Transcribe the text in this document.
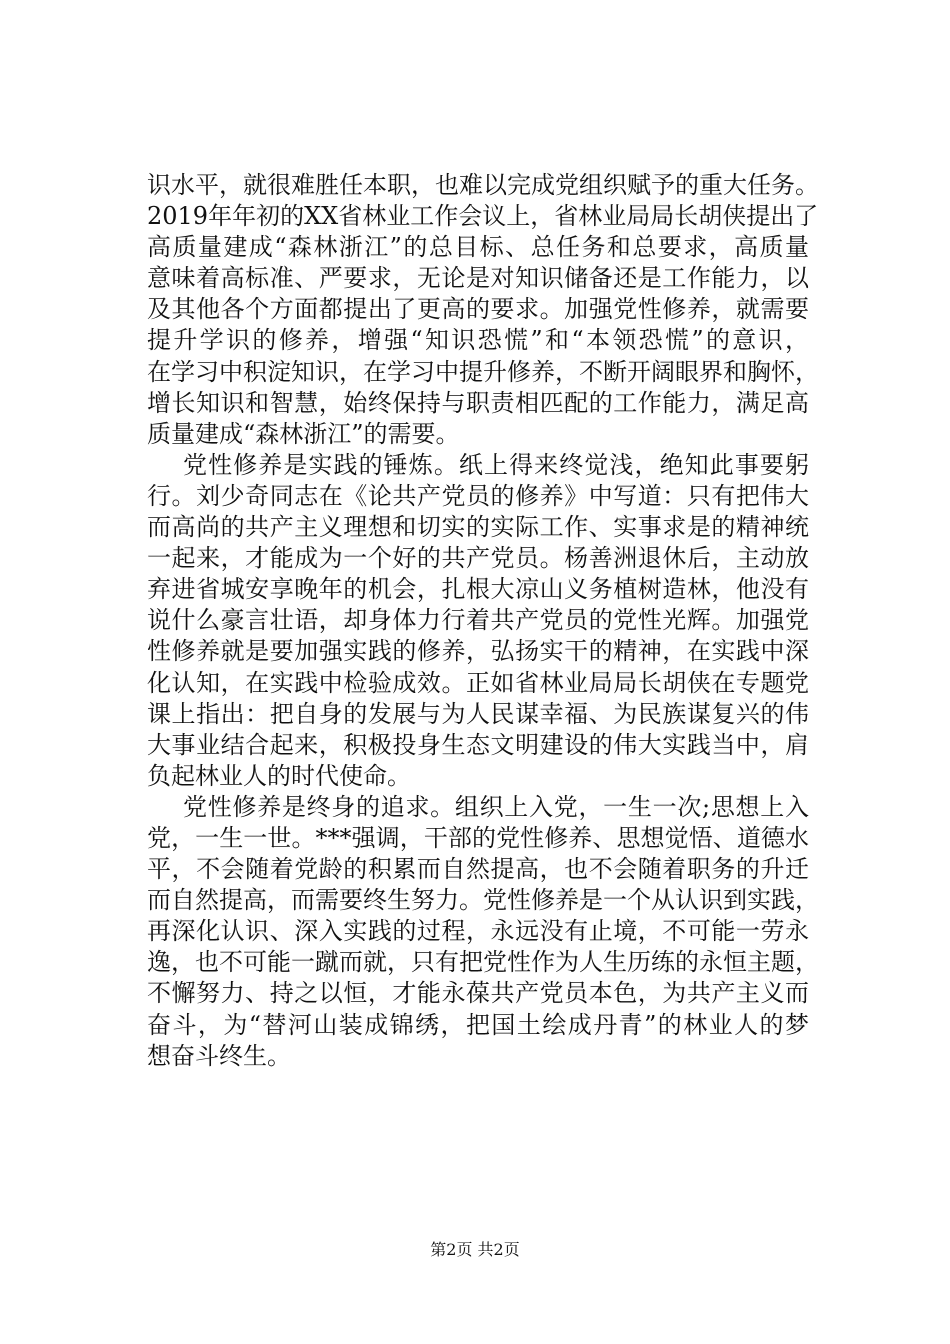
识水平，就很难胜任本职，也难以完成党组织赋予的重大任务。
2019年年初的XX省林业工作会议上，省林业局局长胡侠提出了
高质量建成“森林浙江”的总目标、总任务和总要求，高质量
意味着高标准、严要求，无论是对知识储备还是工作能力，以
及其他各个方面都提出了更高的要求。加强党性修养，就需要
提升学识的修养，增强“知识恐慌”和“本领恐慌”的意识，
在学习中积淀知识，在学习中提升修养，不断开阔眼界和胸怀，
增长知识和智慧，始终保持与职责相匹配的工作能力，满足高
质量建成“森林浙江”的需要。
党性修养是实践的锤炼。纸上得来终觉浅，绝知此事要躬
行。刘少奇同志在《论共产党员的修养》中写道：只有把伟大
而高尚的共产主义理想和切实的实际工作、实事求是的精神统
一起来，才能成为一个好的共产党员。杨善洲退休后，主动放
弃进省城安享晚年的机会，扎根大凉山义务植树造林，他没有
说什么豪言壮语，却身体力行着共产党员的党性光辉。加强党
性修养就是要加强实践的修养，弘扬实干的精神，在实践中深
化认知，在实践中检验成效。正如省林业局局长胡侠在专题党
课上指出：把自身的发展与为人民谋幸福、为民族谋复兴的伟
大事业结合起来，积极投身生态文明建设的伟大实践当中，肩
负起林业人的时代使命。
党性修养是终身的追求。组织上入党，一生一次;思想上入
党，一生一世。***强调，干部的党性修养、思想觉悟、道德水
平，不会随着党龄的积累而自然提高，也不会随着职务的升迁
而自然提高，而需要终生努力。党性修养是一个从认识到实践，
再深化认识、深入实践的过程，永远没有止境，不可能一劳永
逸，也不可能一蹴而就，只有把党性作为人生历练的永恒主题，
不懈努力、持之以恒，才能永葆共产党员本色，为共产主义而
奋斗，为“替河山装成锦绣，把国土绘成丹青”的林业人的梦
想奋斗终生。
第2页 共2页
